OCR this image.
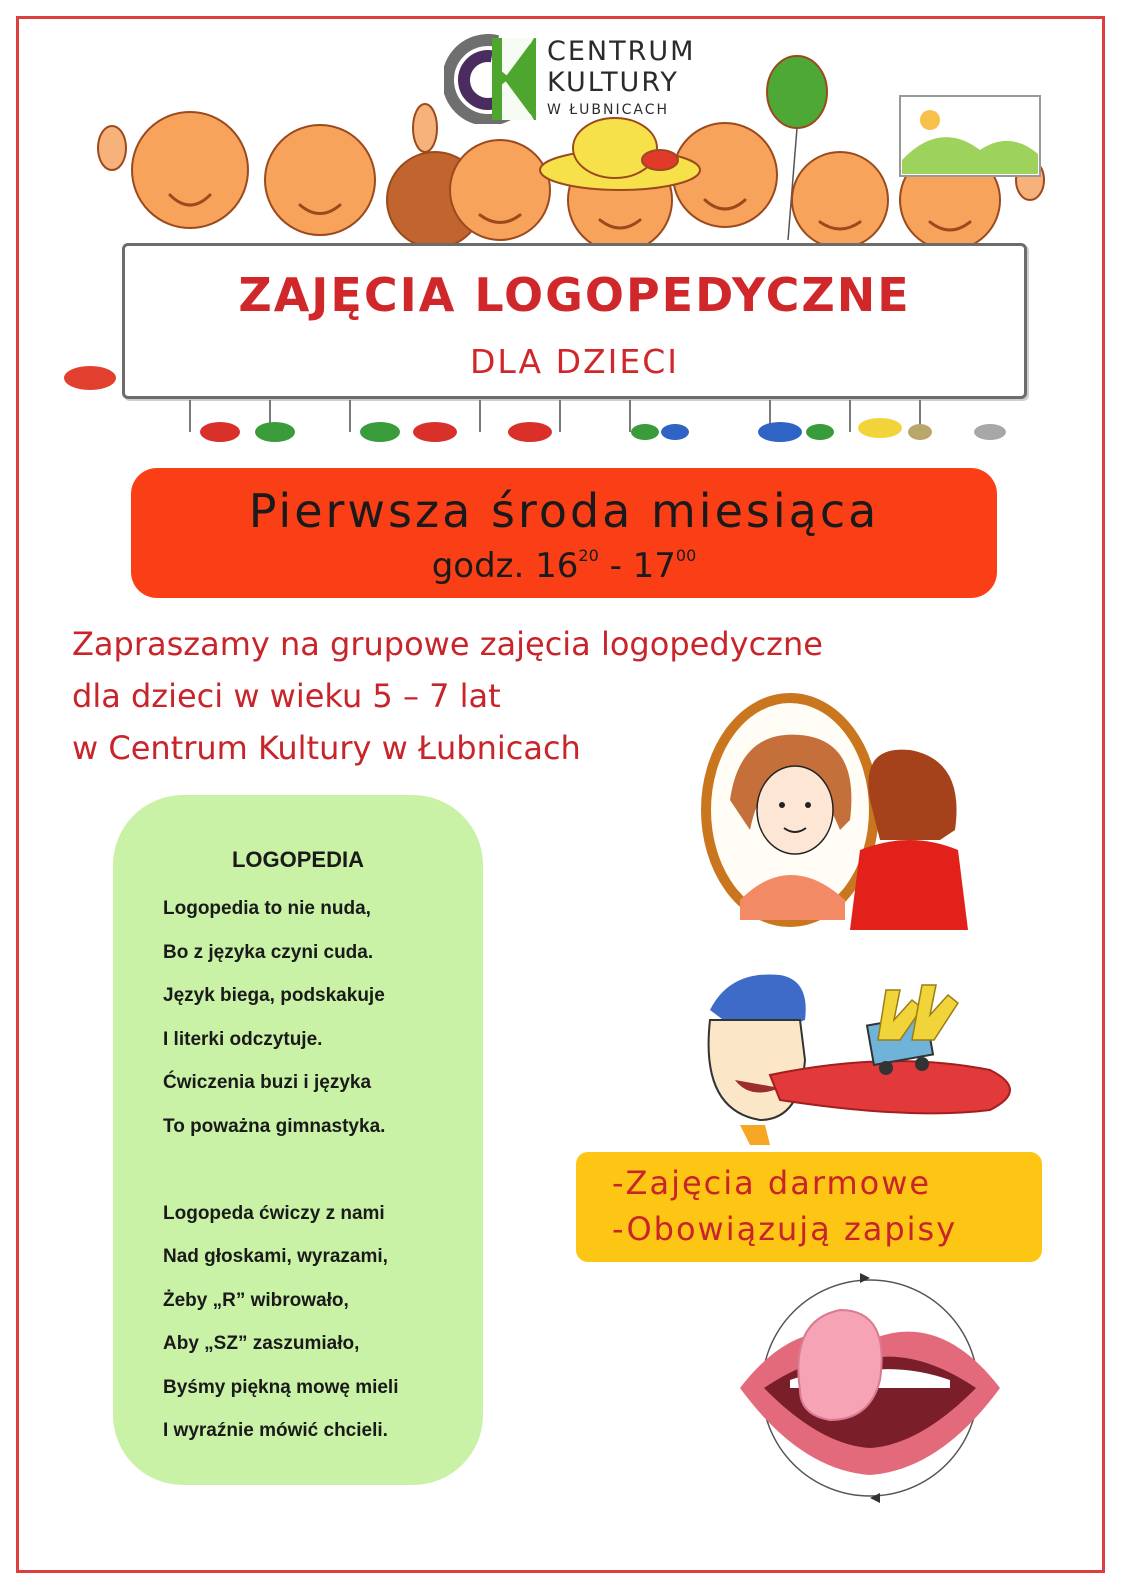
CENTRUM
KULTURY
W ŁUBNICACH
ZAJĘCIA LOGOPEDYCZNE
DLA DZIECI
Pierwsza środa miesiąca
godz. $16^{20} - 17^{00}$
Zapraszamy na grupowe zajęcia logopedyczne
dla dzieci w wieku 5 – 7 lat
w Centrum Kultury w Łubnicach
-Zajęcia darmowe
-Obowiązują zapisy
LOGOPEDIA
Logopedia to nie nuda,
Bo z języka czyni cuda.
Język biega, podskakuje
I literki odczytuje.
Ćwiczenia buzi i języka
To poważna gimnastyka.
Logopeda ćwiczy z nami
Nad głoskami, wyrazami,
Żeby „R” wibrowało,
Aby „SZ” zaszumiało,
Byśmy piękną mowę mieli
I wyraźnie mówić chcieli.
